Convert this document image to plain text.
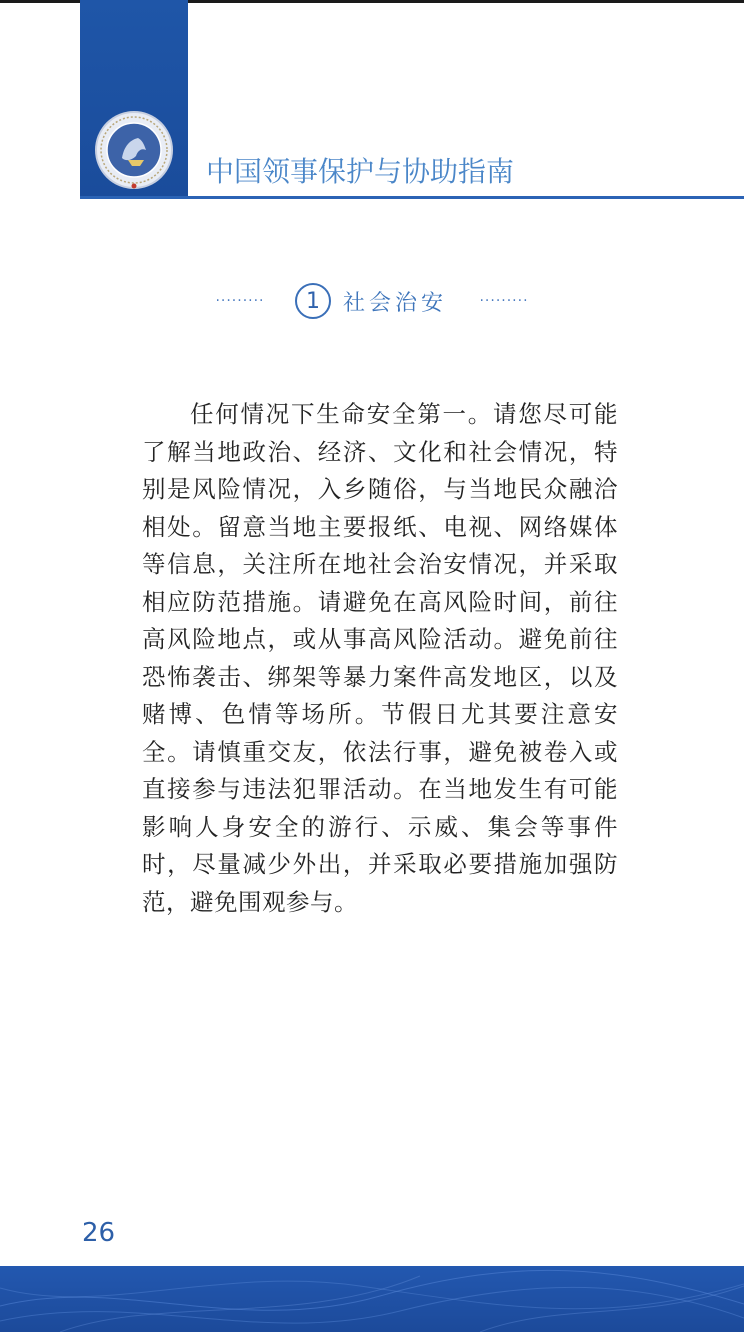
中国领事保护与协助指南
·········	1	社会治安	·········

任何情况下生命安全第一。请您尽可能了解当地政治、经济、文化和社会情况，特别是风险情况，入乡随俗，与当地民众融洽相处。留意当地主要报纸、电视、网络媒体等信息，关注所在地社会治安情况，并采取相应防范措施。请避免在高风险时间，前往高风险地点，或从事高风险活动。避免前往恐怖袭击、绑架等暴力案件高发地区，以及赌博、色情等场所。节假日尤其要注意安全。请慎重交友，依法行事，避免被卷入或直接参与违法犯罪活动。在当地发生有可能影响人身安全的游行、示威、集会等事件时，尽量减少外出，并采取必要措施加强防范，避免围观参与。

26
